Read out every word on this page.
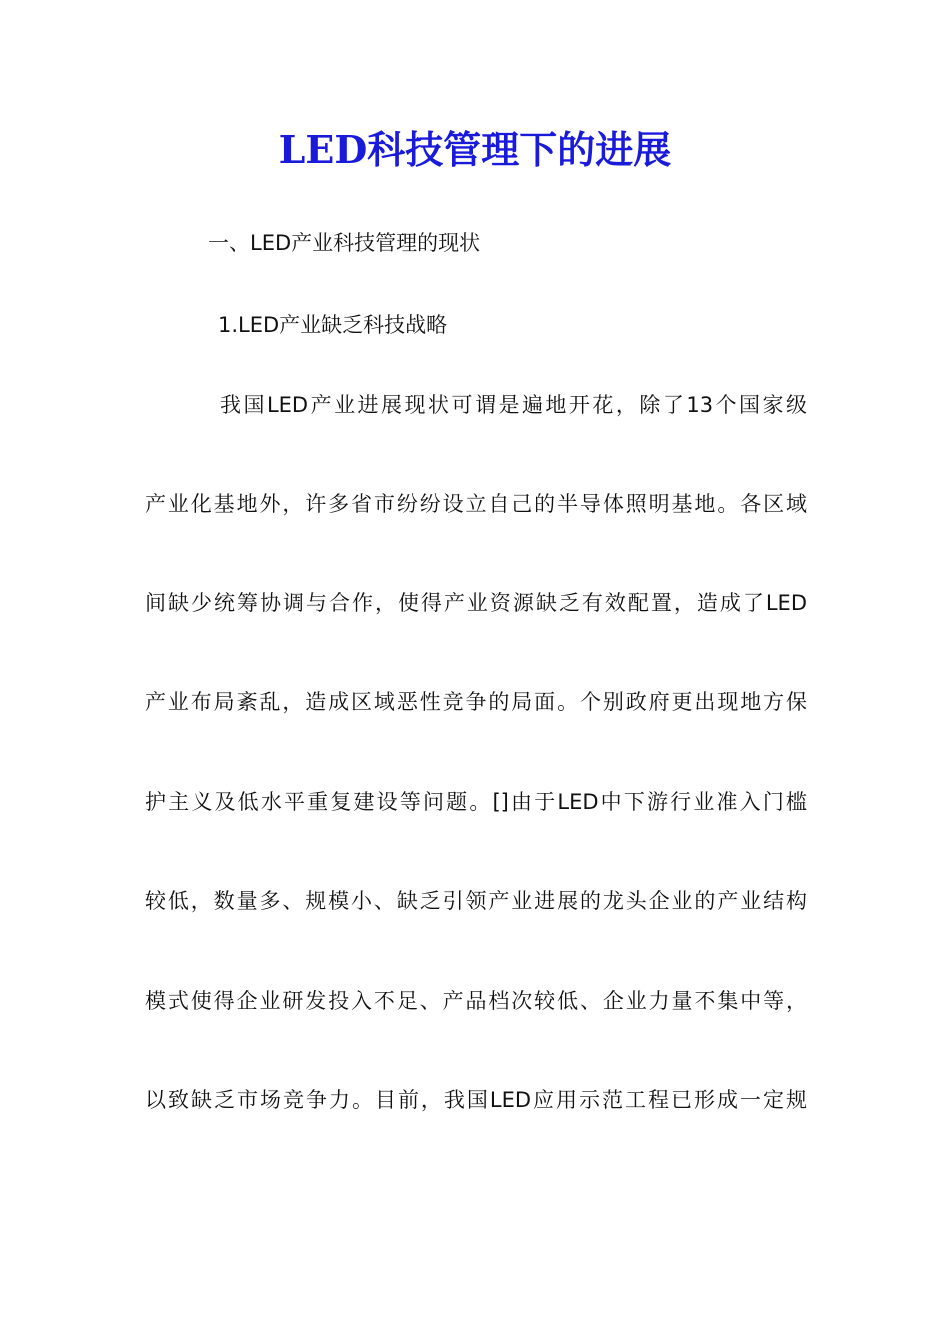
LED科技管理下的进展
一、LED产业科技管理的现状
1.LED产业缺乏科技战略
我国LED产业进展现状可谓是遍地开花，除了13个国家级
产业化基地外，许多省市纷纷设立自己的半导体照明基地。各区域
间缺少统筹协调与合作，使得产业资源缺乏有效配置，造成了LED
产业布局紊乱，造成区域恶性竞争的局面。个别政府更出现地方保
护主义及低水平重复建设等问题。[]由于LED中下游行业准入门槛
较低，数量多、规模小、缺乏引领产业进展的龙头企业的产业结构
模式使得企业研发投入不足、产品档次较低、企业力量不集中等，
以致缺乏市场竞争力。目前，我国LED应用示范工程已形成一定规
